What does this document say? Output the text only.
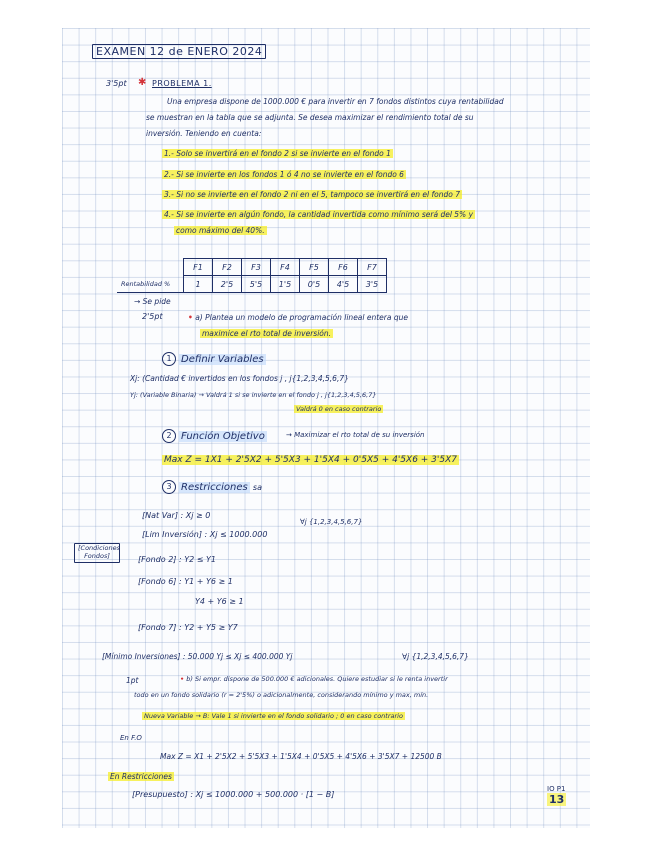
EXAMEN 12 de ENERO 2024
3'5pt ✱ PROBLEMA 1.
Una empresa dispone de 1000.000 € para invertir en 7 fondos distintos cuya rentabilidad
se muestran en la tabla que se adjunta. Se desea maximizar el rendimiento total de su
inversión. Teniendo en cuenta:
1.- Solo se invertirá en el fondo 2 si se invierte en el fondo 1
2.- Si se invierte en los fondos 1 ó 4 no se invierte en el fondo 6
3.- Si no se invierte en el fondo 2 ni en el 5, tampoco se invertirá en el fondo 7
4.- Si se invierte en algún fondo, la cantidad invertida como mínimo será del 5% y
como máximo del 40%.
	F1	F2	F3	F4	F5	F6	F7
Rentabilidad %	1	2'5	5'5	1'5	0'5	4'5	3'5
→ Se pide
2'5pt	• a) Plantea un modelo de programación lineal entera que
maximice el rto total de inversión.
1 Definir Variables
Xj: (Cantidad € invertidos en los fondos j , j{1,2,3,4,5,6,7}
Yj: (Variable Binaria) → Valdrá 1 si se invierte en el fondo j , j{1,2,3,4,5,6,7}
Valdrá 0 en caso contrario
2 Función Objetivo	→ Maximizar el rto total de su inversión
Max Z = 1X1 + 2'5X2 + 5'5X3 + 1'5X4 + 0'5X5 + 4'5X6 + 3'5X7
3 Restricciones sa
[Nat Var] : Xj ≥ 0
[Lim Inversión] : Xj ≤ 1000.000
∀j {1,2,3,4,5,6,7}
[Condiciones Fondos]	[Fondo 2] : Y2 ≤ Y1
[Fondo 6] : Y1 + Y6 ≥ 1
Y4 + Y6 ≥ 1
[Fondo 7] : Y2 + Y5 ≥ Y7
[Mínimo Inversiones] : 50.000 Yj ≤ Xj ≤ 400.000 Yj	∀j {1,2,3,4,5,6,7}
1pt	• b) Si empr. dispone de 500.000 € adicionales. Quiere estudiar si le renta invertir
todo en un fondo solidario (r = 2'5%) o adicionalmente, considerando mínimo y max, mín.
Nueva Variable → B: Vale 1 si invierte en el fondo solidario ; 0 en caso contrario
En F.O
Max Z = X1 + 2'5X2 + 5'5X3 + 1'5X4 + 0'5X5 + 4'5X6 + 3'5X7 + 12500 B
En Restricciones
[Presupuesto] : Xj ≤ 1000.000 + 500.000 · [1 − B]
IO P1
13
